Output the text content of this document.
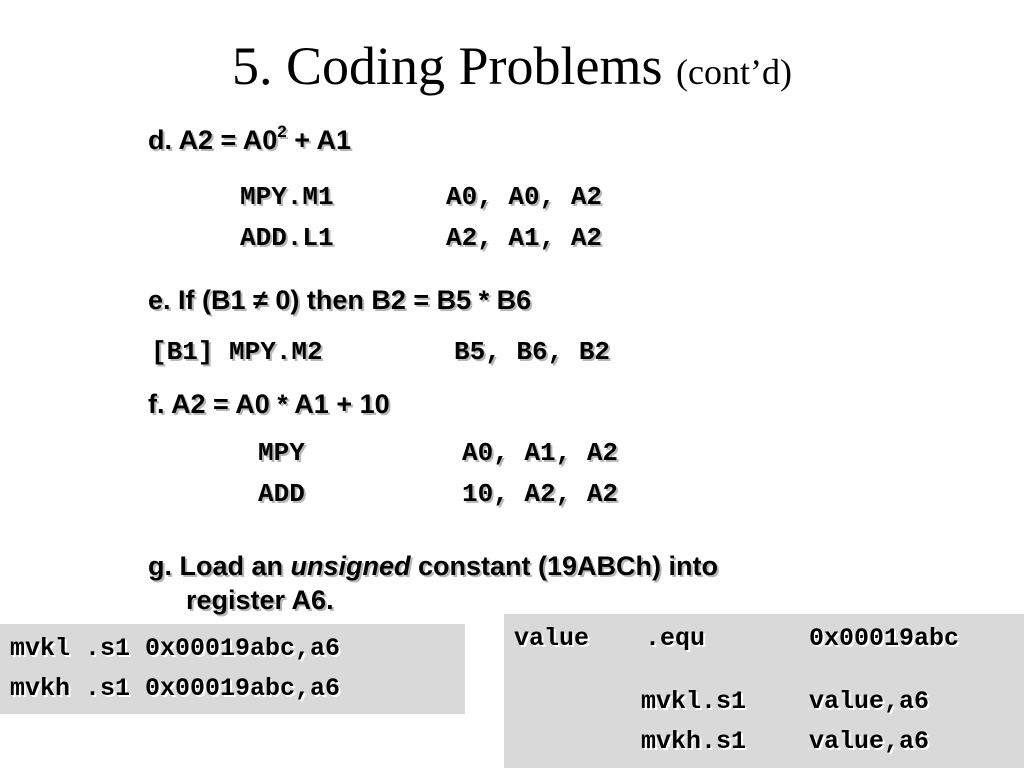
5. Coding Problems (cont’d)
d. $A2 = A0^2 + A1$
MPY.M1	A0, A0, A2
ADD.L1	A2, A1, A2
e. If (B1 ≠ 0) then B2 = B5 * B6
[B1] MPY.M2	B5, B6, B2
f. A2 = A0 * A1 + 10
MPY	A0, A1, A2
ADD	10, A2, A2
g. Load an unsigned constant (19ABCh) into
register A6.
mvkl .s1 0x00019abc,a6
mvkh .s1 0x00019abc,a6
value .equ	0x00019abc
mvkl.s1	value,a6
mvkh.s1	value,a6
